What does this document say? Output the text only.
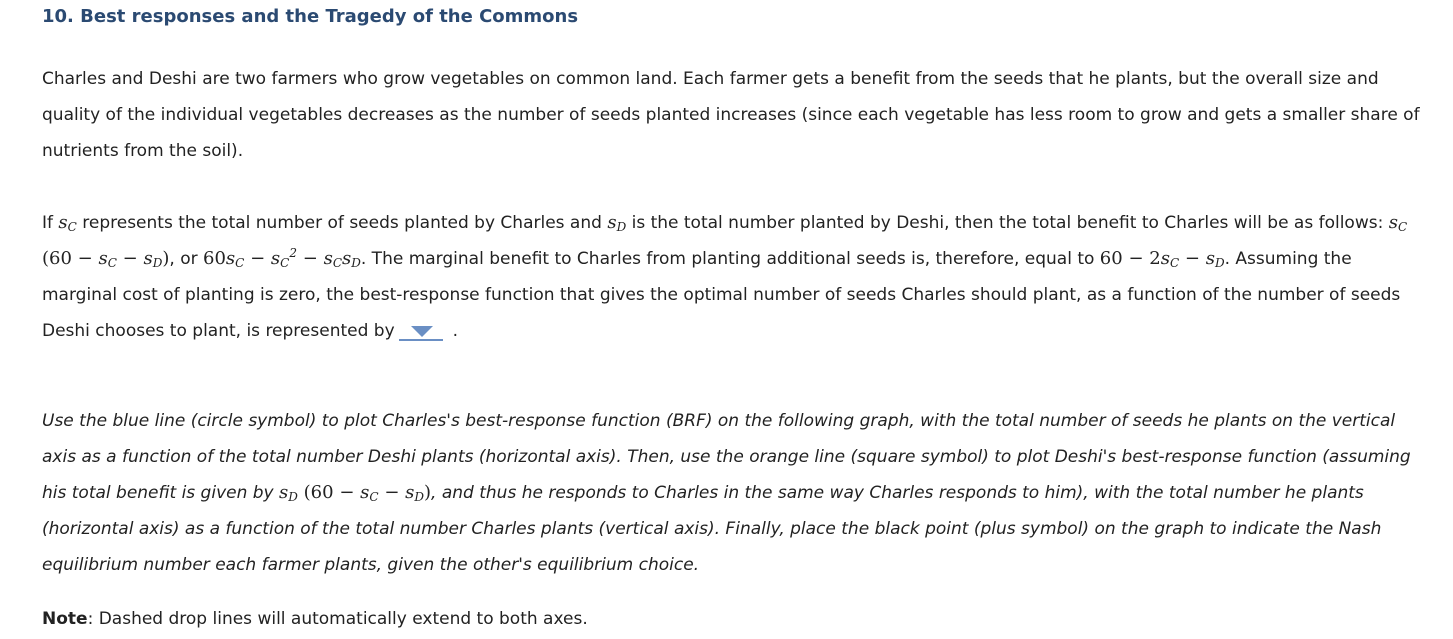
10. Best responses and the Tragedy of the Commons
Charles and Deshi are two farmers who grow vegetables on common land. Each farmer gets a benefit from the seeds that he plants, but the overall size and quality of the individual vegetables decreases as the number of seeds planted increases (since each vegetable has less room to grow and gets a smaller share of nutrients from the soil).
If $s_C$ represents the total number of seeds planted by Charles and $s_D$ is the total number planted by Deshi, then the total benefit to Charles will be as follows: $s_C$ $(60 - s_C - s_D)$, or $60s_C - s_C^2 - s_Cs_D$. The marginal benefit to Charles from planting additional seeds is, therefore, equal to $60 - 2s_C - s_D$. Assuming the marginal cost of planting is zero, the best-response function that gives the optimal number of seeds Charles should plant, as a function of the number of seeds Deshi chooses to plant, is represented by	.
Use the blue line (circle symbol) to plot Charles's best-response function (BRF) on the following graph, with the total number of seeds he plants on the vertical axis as a function of the total number Deshi plants (horizontal axis). Then, use the orange line (square symbol) to plot Deshi's best-response function (assuming his total benefit is given by $s_D$ $(60 - s_C - s_D)$, and thus he responds to Charles in the same way Charles responds to him), with the total number he plants (horizontal axis) as a function of the total number Charles plants (vertical axis). Finally, place the black point (plus symbol) on the graph to indicate the Nash equilibrium number each farmer plants, given the other's equilibrium choice.
Note: Dashed drop lines will automatically extend to both axes.
